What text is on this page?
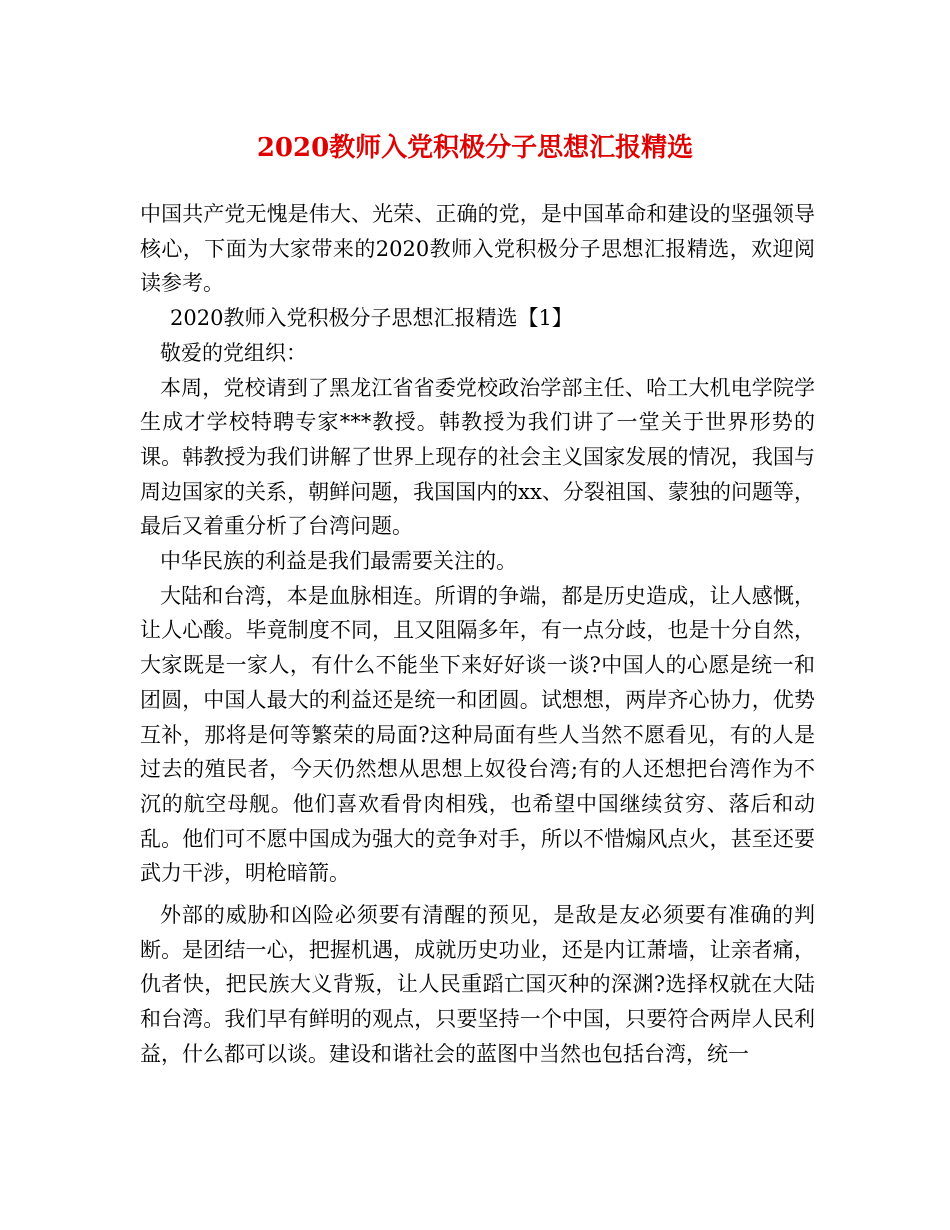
2020教师入党积极分子思想汇报精选

中国共产党无愧是伟大、光荣、正确的党，是中国革命和建设的坚强领导核心，下面为大家带来的2020教师入党积极分子思想汇报精选，欢迎阅读参考。

2020教师入党积极分子思想汇报精选【1】

敬爱的党组织：

本周，党校请到了黑龙江省省委党校政治学部主任、哈工大机电学院学生成才学校特聘专家***教授。韩教授为我们讲了一堂关于世界形势的课。韩教授为我们讲解了世界上现存的社会主义国家发展的情况，我国与周边国家的关系，朝鲜问题，我国国内的xx、分裂祖国、蒙独的问题等，最后又着重分析了台湾问题。

中华民族的利益是我们最需要关注的。

大陆和台湾，本是血脉相连。所谓的争端，都是历史造成，让人感慨，让人心酸。毕竟制度不同，且又阻隔多年，有一点分歧，也是十分自然，大家既是一家人，有什么不能坐下来好好谈一谈?中国人的心愿是统一和团圆，中国人最大的利益还是统一和团圆。试想想，两岸齐心协力，优势互补，那将是何等繁荣的局面?这种局面有些人当然不愿看见，有的人是过去的殖民者，今天仍然想从思想上奴役台湾;有的人还想把台湾作为不沉的航空母舰。他们喜欢看骨肉相残，也希望中国继续贫穷、落后和动乱。他们可不愿中国成为强大的竞争对手，所以不惜煽风点火，甚至还要武力干涉，明枪暗箭。

外部的威胁和凶险必须要有清醒的预见，是敌是友必须要有准确的判断。是团结一心，把握机遇，成就历史功业，还是内讧萧墙，让亲者痛，仇者快，把民族大义背叛，让人民重蹈亡国灭种的深渊?选择权就在大陆和台湾。我们早有鲜明的观点，只要坚持一个中国，只要符合两岸人民利益，什么都可以谈。建设和谐社会的蓝图中当然也包括台湾，统一
